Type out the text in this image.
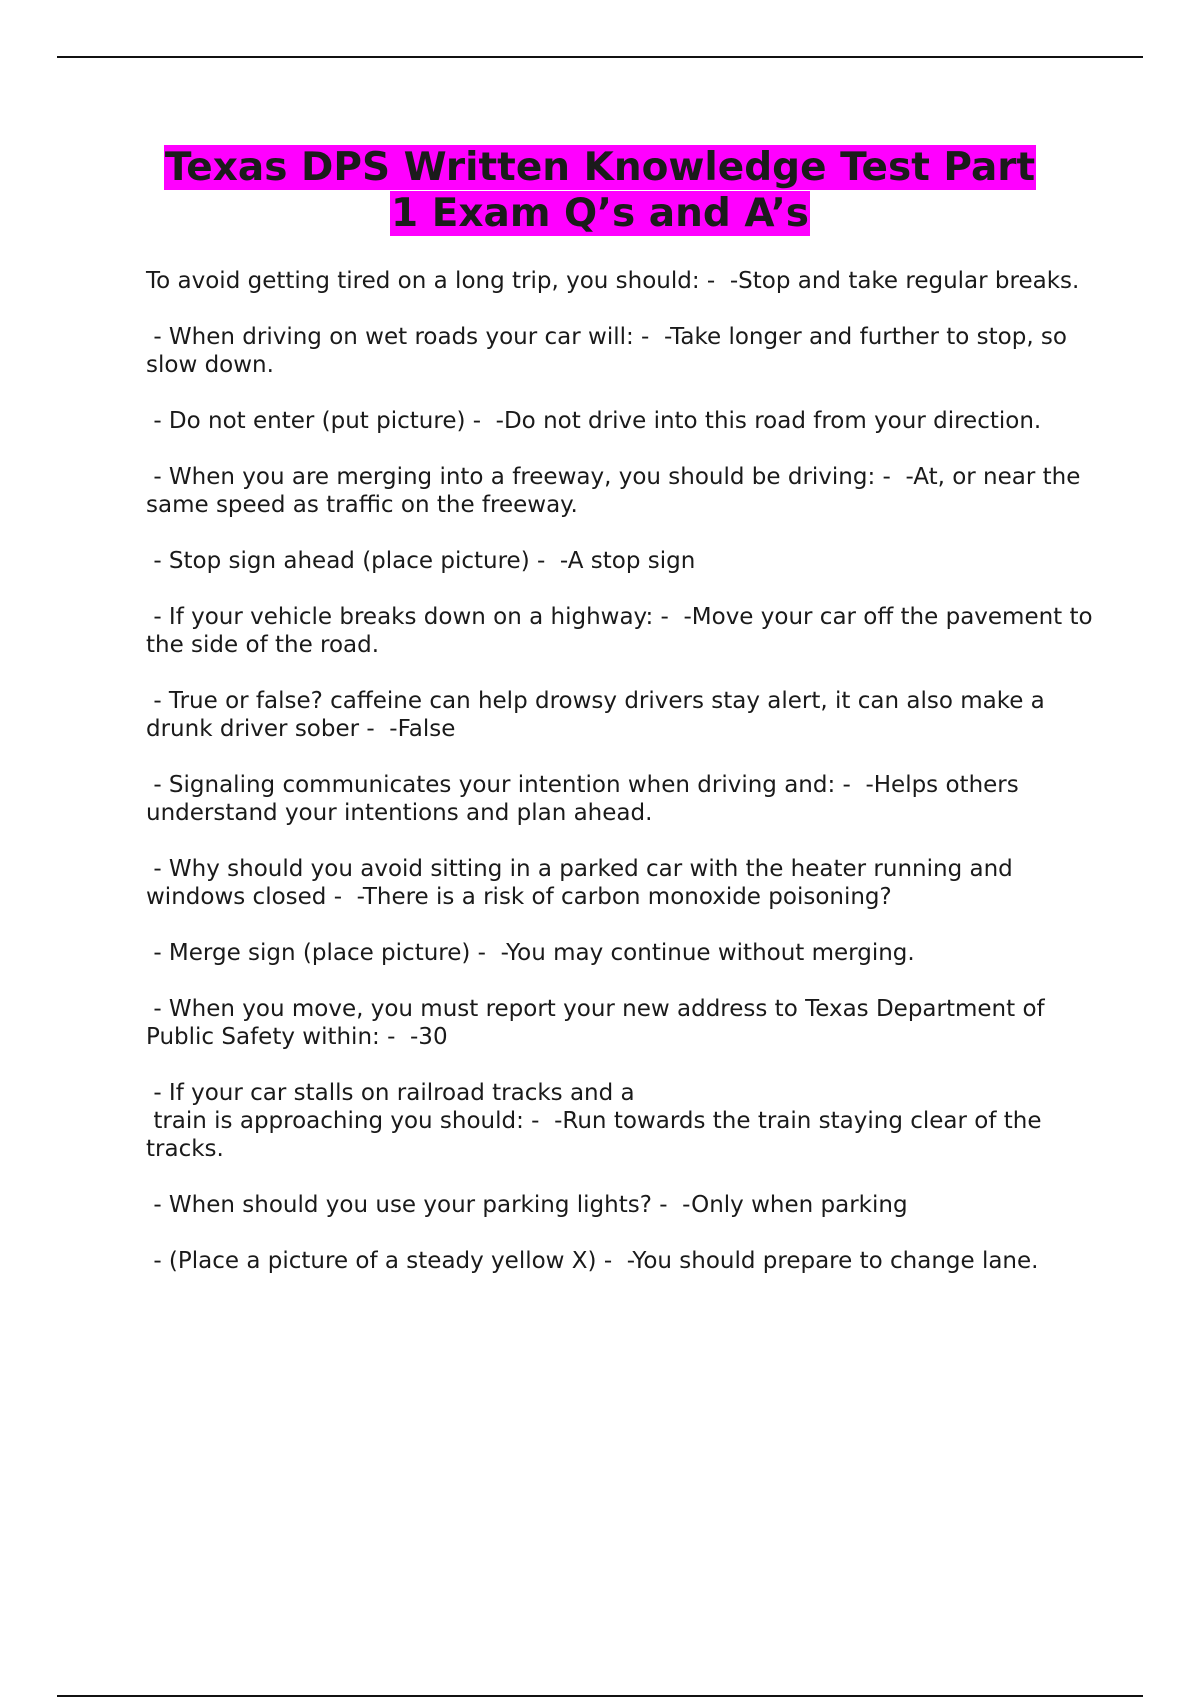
Texas DPS Written Knowledge Test Part
1 Exam Q’s and A’s
To avoid getting tired on a long trip, you should: -  -Stop and take regular breaks.
- When driving on wet roads your car will: -  -Take longer and further to stop, so slow down.
- Do not enter (put picture) -  -Do not drive into this road from your direction.
- When you are merging into a freeway, you should be driving: -  -At, or near the same speed as traffic on the freeway.
- Stop sign ahead (place picture) -  -A stop sign
- If your vehicle breaks down on a highway: -  -Move your car off the pavement to the side of the road.
- True or false? caffeine can help drowsy drivers stay alert, it can also make a drunk driver sober -  -False
- Signaling communicates your intention when driving and: -  -Helps others understand your intentions and plan ahead.
- Why should you avoid sitting in a parked car with the heater running and windows closed -  -There is a risk of carbon monoxide poisoning?
- Merge sign (place picture) -  -You may continue without merging.
- When you move, you must report your new address to Texas Department of Public Safety within: -  -30
- If your car stalls on railroad tracks and a
train is approaching you should: -  -Run towards the train staying clear of the tracks.
- When should you use your parking lights? -  -Only when parking
- (Place a picture of a steady yellow X) -  -You should prepare to change lane.
